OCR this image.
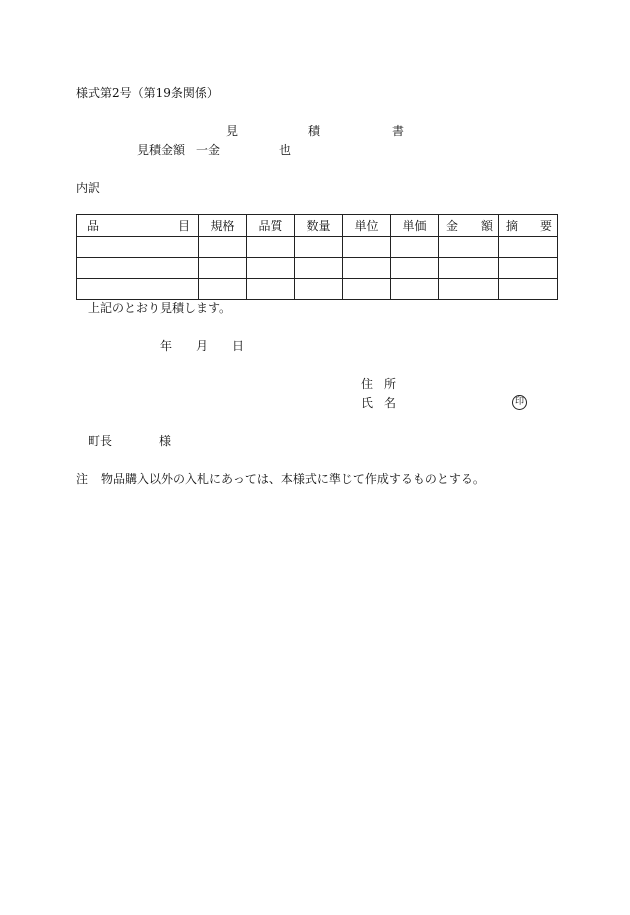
様式第2号（第19条関係）
見	積	書
見積金額 一金	也
内訳
品 目	規格	品質	数量	単位	単価	金 額	摘 要

上記のとおり見積します。
年 月 日
住 所
氏 名	印
町長	様
注 物品購入以外の入札にあっては、本様式に準じて作成するものとする。
